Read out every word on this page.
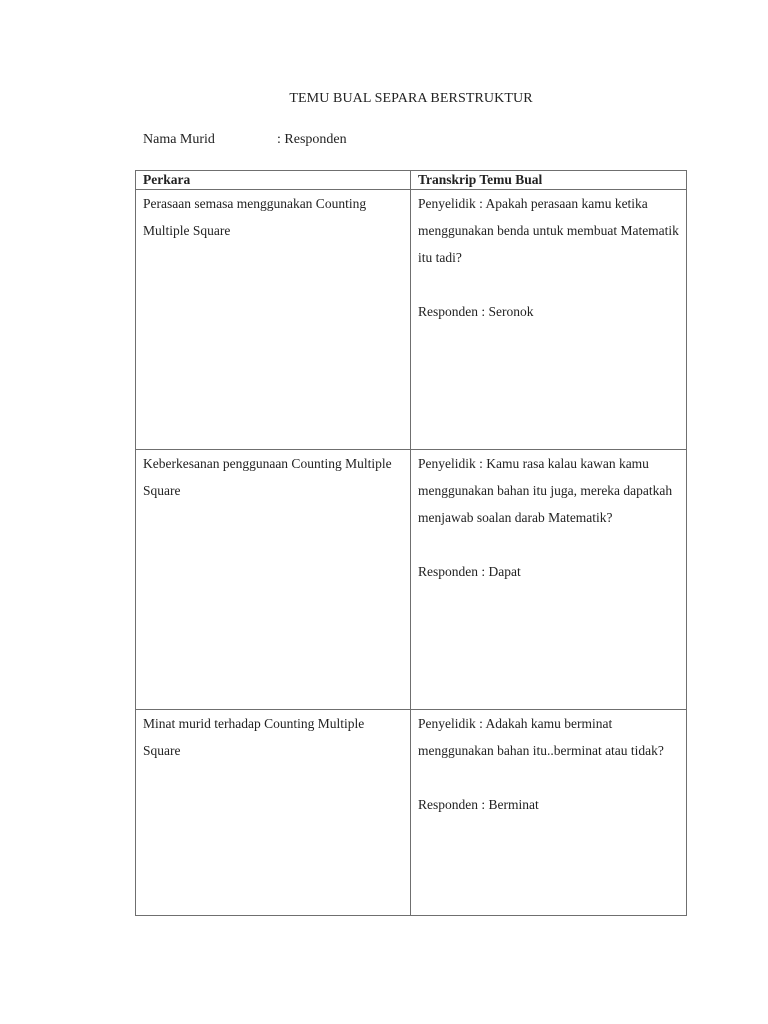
TEMU BUAL SEPARA BERSTRUKTUR
Nama Murid	: Responden
Perkara	Transkrip Temu Bual

Perasaan semasa menggunakan Counting Multiple Square	Penyelidik : Apakah perasaan kamu ketika menggunakan benda untuk membuat Matematik itu tadi?

Responden : Seronok

Keberkesanan penggunaan Counting Multiple Square	Penyelidik : Kamu rasa kalau kawan kamu menggunakan bahan itu juga, mereka dapatkah menjawab soalan darab Matematik?

Responden : Dapat

Minat murid terhadap Counting Multiple Square	Penyelidik : Adakah kamu berminat menggunakan bahan itu..berminat atau tidak?

Responden : Berminat
